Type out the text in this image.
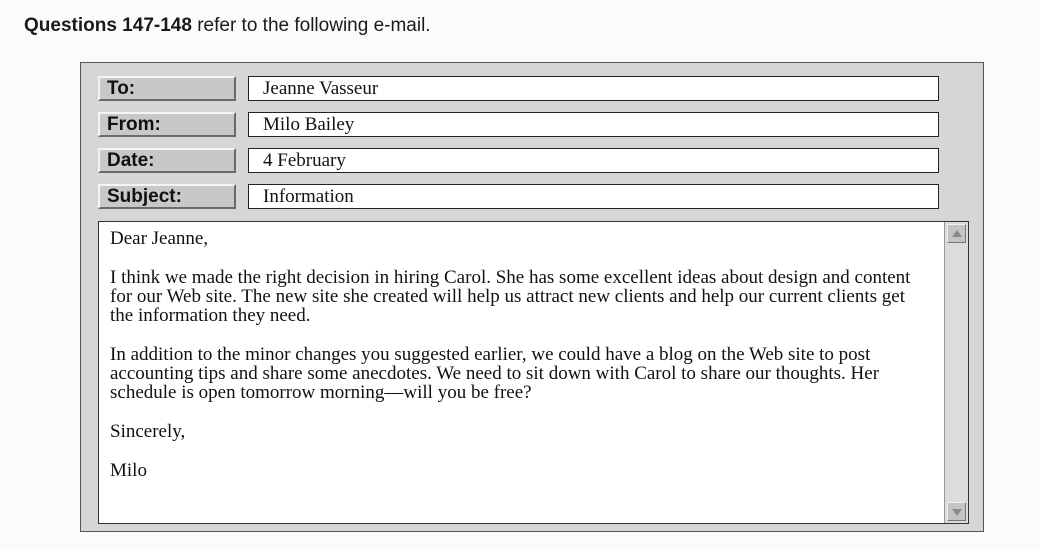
Questions 147-148 refer to the following e-mail.
To:	Jeanne Vasseur
From:	Milo Bailey
Date:	4 February
Subject:	Information

Dear Jeanne,

I think we made the right decision in hiring Carol. She has some excellent ideas about design and content for our Web site. The new site she created will help us attract new clients and help our current clients get the information they need.

In addition to the minor changes you suggested earlier, we could have a blog on the Web site to post accounting tips and share some anecdotes. We need to sit down with Carol to share our thoughts. Her schedule is open tomorrow morning—will you be free?

Sincerely,

Milo
